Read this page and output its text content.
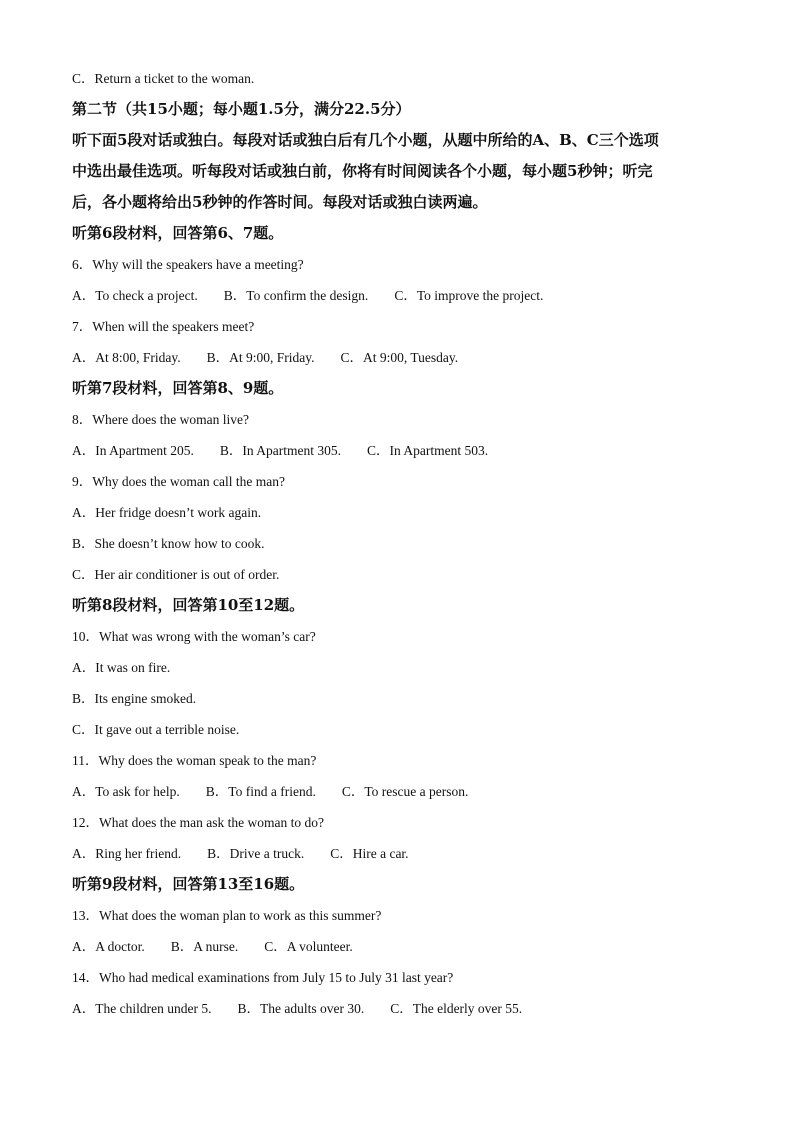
C．Return a ticket to the woman.
第二节（共15小题；每小题1.5分，满分22.5分）
听下面5段对话或独白。每段对话或独白后有几个小题，从题中所给的A、B、C三个选项
中选出最佳选项。听每段对话或独白前，你将有时间阅读各个小题，每小题5秒钟；听完
后，各小题将给出5秒钟的作答时间。每段对话或独白读两遍。
听第6段材料，回答第6、7题。
6．Why will the speakers have a meeting?
A．To check a project. B．To confirm the design. C．To improve the project.
7．When will the speakers meet?
A．At 8:00, Friday. B．At 9:00, Friday. C．At 9:00, Tuesday.
听第7段材料，回答第8、9题。
8．Where does the woman live?
A．In Apartment 205. B．In Apartment 305. C．In Apartment 503.
9．Why does the woman call the man?
A．Her fridge doesn’t work again.
B．She doesn’t know how to cook.
C．Her air conditioner is out of order.
听第8段材料，回答第10至12题。
10．What was wrong with the woman’s car?
A．It was on fire.
B．Its engine smoked.
C．It gave out a terrible noise.
11．Why does the woman speak to the man?
A．To ask for help. B．To find a friend. C．To rescue a person.
12．What does the man ask the woman to do?
A．Ring her friend. B．Drive a truck. C．Hire a car.
听第9段材料，回答第13至16题。
13．What does the woman plan to work as this summer?
A．A doctor. B．A nurse. C．A volunteer.
14．Who had medical examinations from July 15 to July 31 last year?
A．The children under 5. B．The adults over 30. C．The elderly over 55.
